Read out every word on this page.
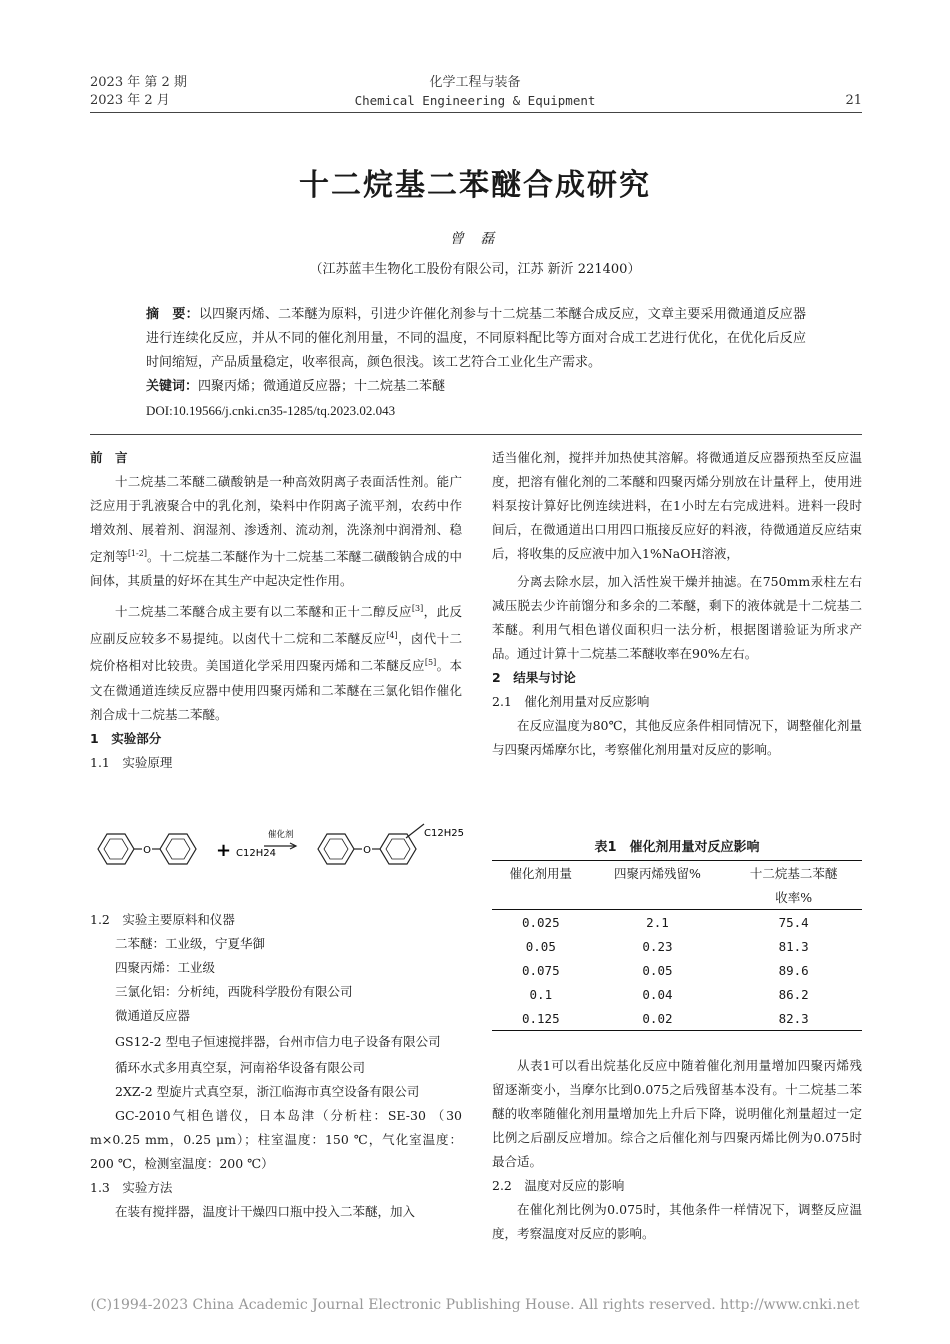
2023 年 第 2 期
2023 年 2 月
化学工程与装备
Chemical Engineering & Equipment	21
十二烷基二苯醚合成研究
曾 磊
（江苏蓝丰生物化工股份有限公司，江苏 新沂 221400）
摘　要：以四聚丙烯、二苯醚为原料，引进少许催化剂参与十二烷基二苯醚合成反应，文章主要采用微通道反应器进行连续化反应，并从不同的催化剂用量，不同的温度，不同原料配比等方面对合成工艺进行优化，在优化后反应时间缩短，产品质量稳定，收率很高，颜色很浅。该工艺符合工业化生产需求。
关键词：四聚丙烯；微通道反应器；十二烷基二苯醚
DOI:10.19566/j.cnki.cn35-1285/tq.2023.02.043

前　言

十二烷基二苯醚二磺酸钠是一种高效阴离子表面活性剂。能广泛应用于乳液聚合中的乳化剂，染料中作阴离子流平剂，农药中作增效剂、展着剂、润湿剂、渗透剂、流动剂，洗涤剂中润滑剂、稳定剂等[1-2]。十二烷基二苯醚作为十二烷基二苯醚二磺酸钠合成的中间体，其质量的好坏在其生产中起决定性作用。

十二烷基二苯醚合成主要有以二苯醚和正十二醇反应[3]，此反应副反应较多不易提纯。以卤代十二烷和二苯醚反应[4]，卤代十二烷价格相对比较贵。美国道化学采用四聚丙烯和二苯醚反应[5]。本文在微通道连续反应器中使用四聚丙烯和二苯醚在三氯化铝作催化剂合成十二烷基二苯醚。

1　实验部分

1.1　实验原理

O	O
+ C12H24
催化剂	C12H25

1.2　实验主要原料和仪器

二苯醚：工业级，宁夏华御

四聚丙烯：工业级

三氯化铝：分析纯，西陇科学股份有限公司

微通道反应器

GS12-2 型电子恒速搅拌器，台州市信力电子设备有限公司

循环水式多用真空泵，河南裕华设备有限公司

2XZ-2 型旋片式真空泵，浙江临海市真空设备有限公司

GC-2010气相色谱仪，日本岛津（分析柱：SE-30 （30 m×0.25 mm，0.25 μm）；柱室温度：150 ℃，气化室温度：200 ℃，检测室温度：200 ℃）

1.3　实验方法

在装有搅拌器，温度计干燥四口瓶中投入二苯醚，加入

适当催化剂，搅拌并加热使其溶解。将微通道反应器预热至反应温度，把溶有催化剂的二苯醚和四聚丙烯分别放在计量秤上，使用进料泵按计算好比例连续进料，在1小时左右完成进料。进料一段时间后，在微通道出口用四口瓶接反应好的料液，待微通道反应结束后，将收集的反应液中加入1%NaOH溶液，

分离去除水层，加入活性炭干燥并抽滤。在750mm汞柱左右减压脱去少许前馏分和多余的二苯醚，剩下的液体就是十二烷基二苯醚。利用气相色谱仪面积归一法分析，根据图谱验证为所求产品。通过计算十二烷基二苯醚收率在90%左右。

2　结果与讨论

2.1　催化剂用量对反应影响

在反应温度为80℃，其他反应条件相同情况下，调整催化剂量与四聚丙烯摩尔比，考察催化剂用量对反应的影响。

表1　催化剂用量对反应影响
催化剂用量	四聚丙烯残留%	十二烷基二苯醚
		收率%
0.025	2.1	75.4
0.05	0.23	81.3
0.075	0.05	89.6
0.1	0.04	86.2
0.125	0.02	82.3

从表1可以看出烷基化反应中随着催化剂用量增加四聚丙烯残留逐渐变小，当摩尔比到0.075之后残留基本没有。十二烷基二苯醚的收率随催化剂用量增加先上升后下降，说明催化剂量超过一定比例之后副反应增加。综合之后催化剂与四聚丙烯比例为0.075时最合适。

2.2　温度对反应的影响

在催化剂比例为0.075时，其他条件一样情况下，调整反应温度，考察温度对反应的影响。

(C)1994-2023 China Academic Journal Electronic Publishing House. All rights reserved. http://www.cnki.net
